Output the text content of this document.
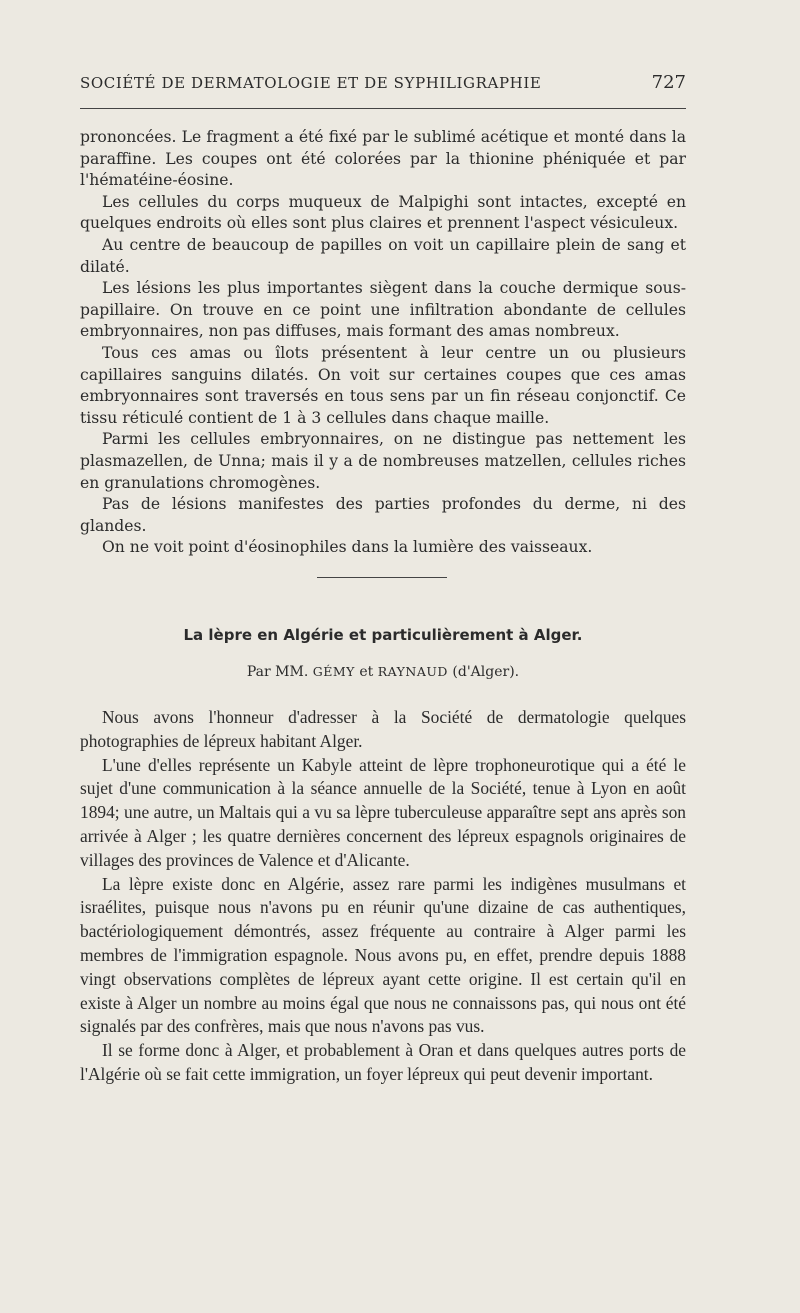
SOCIÉTÉ DE DERMATOLOGIE ET DE SYPHILIGRAPHIE	727

prononcées. Le fragment a été fixé par le sublimé acétique et monté dans la paraffine. Les coupes ont été colorées par la thionine phéniquée et par l'hématéine-éosine.

Les cellules du corps muqueux de Malpighi sont intactes, excepté en quelques endroits où elles sont plus claires et prennent l'aspect vésiculeux.

Au centre de beaucoup de papilles on voit un capillaire plein de sang et dilaté.

Les lésions les plus importantes siègent dans la couche dermique sous-papillaire. On trouve en ce point une infiltration abondante de cellules embryonnaires, non pas diffuses, mais formant des amas nombreux.

Tous ces amas ou îlots présentent à leur centre un ou plusieurs capillaires sanguins dilatés. On voit sur certaines coupes que ces amas embryonnaires sont traversés en tous sens par un fin réseau conjonctif. Ce tissu réticulé contient de 1 à 3 cellules dans chaque maille.

Parmi les cellules embryonnaires, on ne distingue pas nettement les plasmazellen, de Unna; mais il y a de nombreuses matzellen, cellules riches en granulations chromogènes.

Pas de lésions manifestes des parties profondes du derme, ni des glandes.

On ne voit point d'éosinophiles dans la lumière des vaisseaux.

La lèpre en Algérie et particulièrement à Alger.
Par MM. GÉMY et RAYNAUD (d'Alger).

Nous avons l'honneur d'adresser à la Société de dermatologie quelques photographies de lépreux habitant Alger.

L'une d'elles représente un Kabyle atteint de lèpre trophoneurotique qui a été le sujet d'une communication à la séance annuelle de la Société, tenue à Lyon en août 1894; une autre, un Maltais qui a vu sa lèpre tuberculeuse apparaître sept ans après son arrivée à Alger ; les quatre dernières concernent des lépreux espagnols originaires de villages des provinces de Valence et d'Alicante.

La lèpre existe donc en Algérie, assez rare parmi les indigènes musulmans et israélites, puisque nous n'avons pu en réunir qu'une dizaine de cas authentiques, bactériologiquement démontrés, assez fréquente au contraire à Alger parmi les membres de l'immigration espagnole. Nous avons pu, en effet, prendre depuis 1888 vingt observations complètes de lépreux ayant cette origine. Il est certain qu'il en existe à Alger un nombre au moins égal que nous ne connaissons pas, qui nous ont été signalés par des confrères, mais que nous n'avons pas vus.

Il se forme donc à Alger, et probablement à Oran et dans quelques autres ports de l'Algérie où se fait cette immigration, un foyer lépreux qui peut devenir important.
